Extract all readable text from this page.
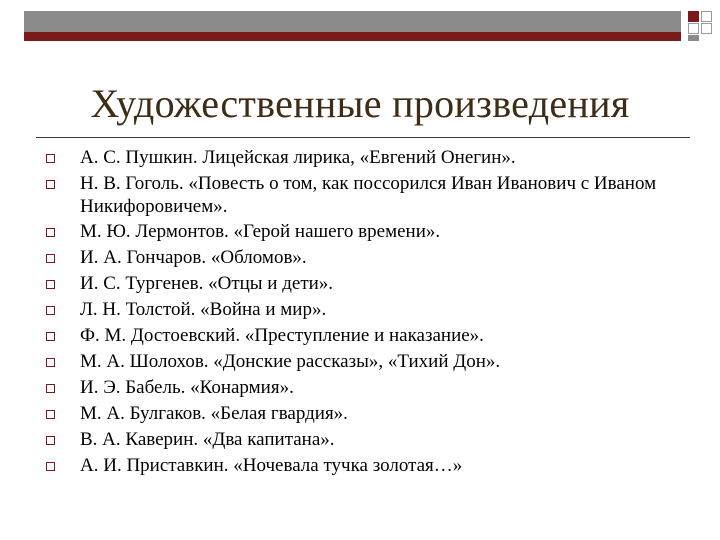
Художественные произведения
А. С. Пушкин. Лицейская лирика, «Евгений Онегин».
Н. В. Гоголь. «Повесть о том, как поссорился Иван Иванович с Иваном Никифоровичем».
М. Ю. Лермонтов. «Герой нашего времени».
И. А. Гончаров. «Обломов».
И. С. Тургенев. «Отцы и дети».
Л. Н. Толстой. «Война и мир».
Ф. М. Достоевский. «Преступление и наказание».
М. А. Шолохов. «Донские рассказы», «Тихий Дон».
И. Э. Бабель. «Конармия».
М. А. Булгаков. «Белая гвардия».
В. А. Каверин. «Два капитана».
А. И. Приставкин. «Ночевала тучка золотая…»
